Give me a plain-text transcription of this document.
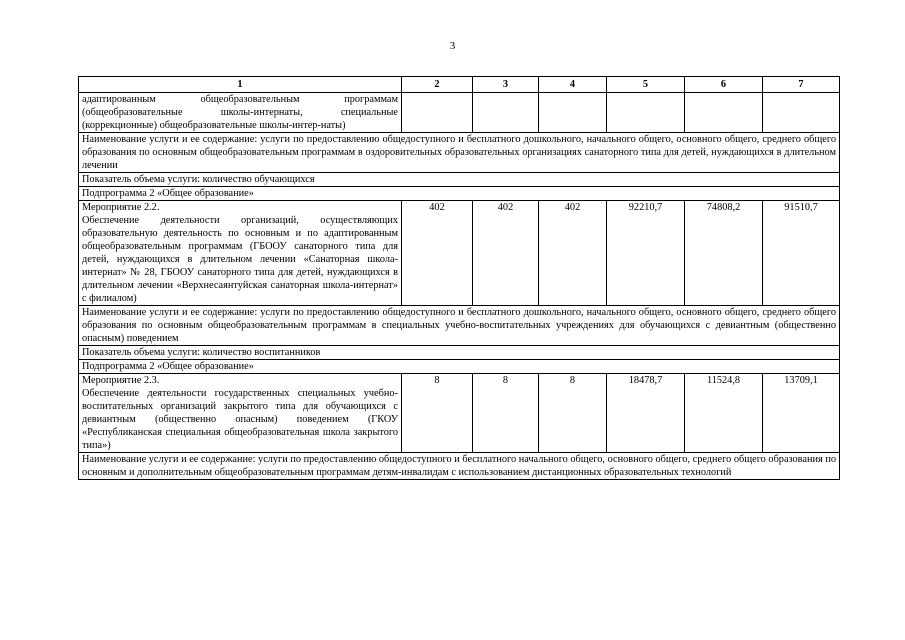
3
1	2	3	4	5	6	7
адаптированным общеобразовательным программам (общеобразовательные школы-интернаты, специальные (коррекционные) общеобразовательные школы-интер-наты)						
Наименование услуги и ее содержание: услуги по предоставлению общедоступного и бесплатного дошкольного, начального общего, основного общего, среднего общего образования по основным общеобразовательным программам в оздоровительных образовательных организациях санаторного типа для детей, нуждающихся в длительном лечении						
Показатель объема услуги: количество обучающихся						
Подпрограмма 2 «Общее образование»						
Мероприятие 2.2.
Обеспечение деятельности организаций, осуществляющих образовательную деятельность по основным и по адаптированным общеобразовательным программам (ГБООУ санаторного типа для детей, нуждающихся в длительном лечении «Санаторная школа-интернат» № 28, ГБООУ санаторного типа для детей, нуждающихся в длительном лечении «Верхнесаянтуйская санаторная школа-интернат» с филиалом)	402	402	402	92210,7	74808,2	91510,7
Наименование услуги и ее содержание: услуги по предоставлению общедоступного и бесплатного дошкольного, начального общего, основного общего, среднего общего образования по основным общеобразовательным программам в специальных учебно-воспитательных учреждениях для обучающихся с девиантным (общественно опасным) поведением						
Показатель объема услуги: количество воспитанников						
Подпрограмма 2 «Общее образование»						
Мероприятие 2.3.
Обеспечение деятельности государственных специальных учебно-воспитательных организаций закрытого типа для обучающихся с девиантным (общественно опасным) поведением (ГКОУ «Республиканская специальная общеобразовательная школа закрытого типа»)	8	8	8	18478,7	11524,8	13709,1
Наименование услуги и ее содержание: услуги по предоставлению общедоступного и бесплатного начального общего, основного общего, среднего общего образования по основным и дополнительным общеобразовательным программам детям-инвалидам с использованием дистанционных образовательных технологий						
